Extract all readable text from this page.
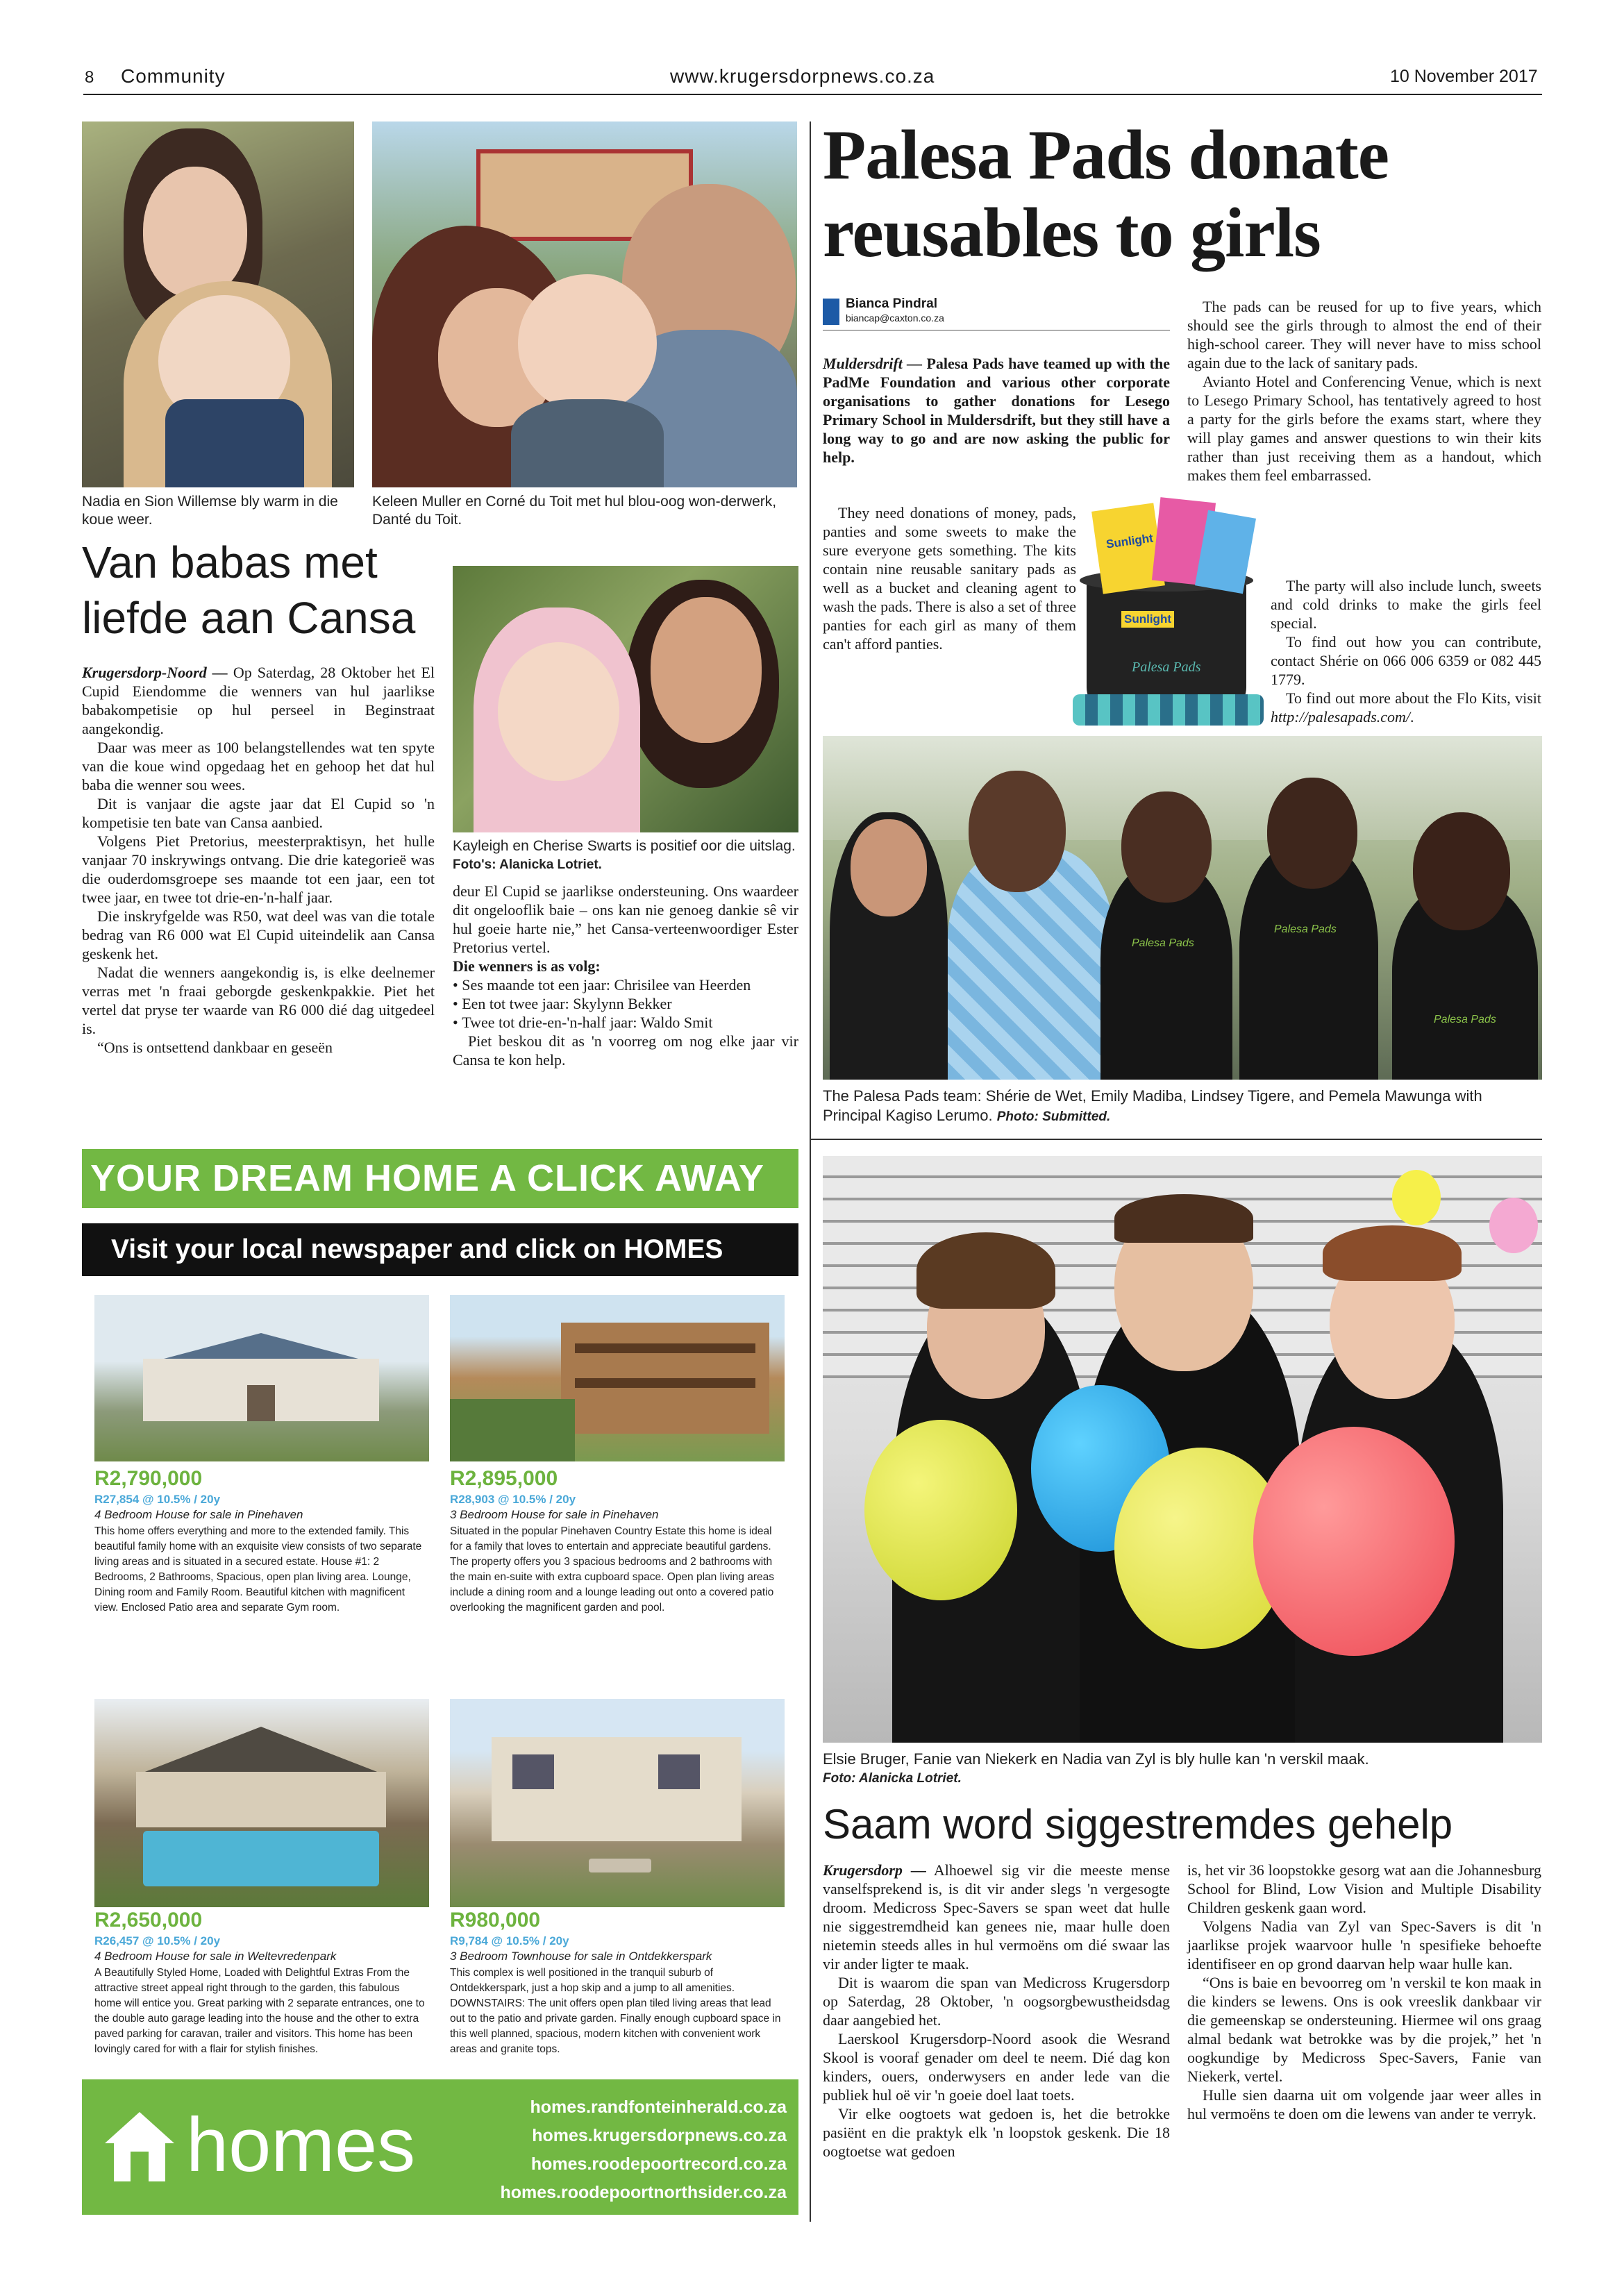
8 Community	www.krugersdorpnews.co.za	10 November 2017
Nadia en Sion Willemse bly warm in die koue weer.
Keleen Muller en Corné du Toit met hul blou-oog won-derwerk, Danté du Toit.
Van babas met liefde aan Cansa
Kayleigh en Cherise Swarts is positief oor die uitslag. Foto's: Alanicka Lotriet.

Krugersdorp-Noord — Op Saterdag, 28 Oktober het El Cupid Eiendomme die wenners van hul jaarlikse babakompetisie op hul perseel in Beginstraat aangekondig.

Daar was meer as 100 belangstellendes wat ten spyte van die koue wind opgedaag het en gehoop het dat hul baba die wenner sou wees.

Dit is vanjaar die agste jaar dat El Cupid so 'n kompetisie ten bate van Cansa aanbied.

Volgens Piet Pretorius, meesterpraktisyn, het hulle vanjaar 70 inskrywings ontvang. Die drie kategorieë was die ouderdomsgroepe ses maande tot een jaar, een tot twee jaar, en twee tot drie-en-'n-half jaar.

Die inskryfgelde was R50, wat deel was van die totale bedrag van R6 000 wat El Cupid uiteindelik aan Cansa geskenk het.

Nadat die wenners aangekondig is, is elke deelnemer verras met 'n fraai geborgde geskenkpakkie. Piet het vertel dat pryse ter waarde van R6 000 dié dag uitgedeel is.

“Ons is ontsettend dankbaar en geseën

deur El Cupid se jaarlikse ondersteuning. Ons waardeer dit ongelooflik baie – ons kan nie genoeg dankie sê vir hul goeie harte nie,” het Cansa-verteenwoordiger Ester Pretorius vertel.

Die wenners is as volg:

• Ses maande tot een jaar: Chrisilee van Heerden

• Een tot twee jaar: Skylynn Bekker

• Twee tot drie-en-'n-half jaar: Waldo Smit

Piet beskou dit as 'n voorreg om nog elke jaar vir Cansa te kon help.

Palesa Pads donate reusables to girls
Bianca Pindral
biancap@caxton.co.za

Muldersdrift — Palesa Pads have teamed up with the PadMe Foundation and various other corporate organisations to gather donations for Lesego Primary School in Muldersdrift, but they still have a long way to go and are now asking the public for help.

They need donations of money, pads, panties and some sweets to make the sure everyone gets something. The kits contain nine reusable sanitary pads as well as a bucket and cleaning agent to wash the pads. There is also a set of three panties for each girl as many of them can't afford panties.

Sunlight
Sunlight
Palesa Pads

The pads can be reused for up to five years, which should see the girls through to almost the end of their high-school career. They will never have to miss school again due to the lack of sanitary pads.

Avianto Hotel and Conferencing Venue, which is next to Lesego Primary School, has tentatively agreed to host a party for the girls before the exams start, where they will play games and answer questions to win their kits rather than just receiving them as a handout, which makes them feel embarrassed.

The party will also include lunch, sweets and cold drinks to make the girls feel special.

To find out how you can contribute, contact Shérie on 066 006 6359 or 082 445 1779.

To find out more about the Flo Kits, visit http://palesapads.com/.

Palesa Pads
Palesa Pads
Palesa Pads
The Palesa Pads team: Shérie de Wet, Emily Madiba, Lindsey Tigere, and Pemela Mawunga with Principal Kagiso Lerumo. Photo: Submitted.
YOUR DREAM HOME A CLICK AWAY
Visit your local newspaper and click on HOMES
R2,790,000
R27,854 @ 10.5% / 20y
4 Bedroom House for sale in Pinehaven
This home offers everything and more to the extended family. This beautiful family home with an exquisite view consists of two separate living areas and is situated in a secured estate. House #1: 2 Bedrooms, 2 Bathrooms, Spacious, open plan living area. Lounge, Dining room and Family Room. Beautiful kitchen with magnificent view. Enclosed Patio area and separate Gym room.
R2,895,000
R28,903 @ 10.5% / 20y
3 Bedroom House for sale in Pinehaven
Situated in the popular Pinehaven Country Estate this home is ideal for a family that loves to entertain and appreciate beautiful gardens. The property offers you 3 spacious bedrooms and 2 bathrooms with the main en-suite with extra cupboard space. Open plan living areas include a dining room and a lounge leading out onto a covered patio overlooking the magnificent garden and pool.
R2,650,000
R26,457 @ 10.5% / 20y
4 Bedroom House for sale in Weltevredenpark
A Beautifully Styled Home, Loaded with Delightful Extras From the attractive street appeal right through to the garden, this fabulous home will entice you. Great parking with 2 separate entrances, one to the double auto garage leading into the house and the other to extra paved parking for caravan, trailer and visitors. This home has been lovingly cared for with a flair for stylish finishes.
R980,000
R9,784 @ 10.5% / 20y
3 Bedroom Townhouse for sale in Ontdekkerspark
This complex is well positioned in the tranquil suburb of Ontdekkerspark, just a hop skip and a jump to all amenities. DOWNSTAIRS: The unit offers open plan tiled living areas that lead out to the patio and private garden. Finally enough cupboard space in this well planned, spacious, modern kitchen with convenient work areas and granite tops.
homes	homes.randfonteinherald.co.za
homes.krugersdorpnews.co.za
homes.roodepoortrecord.co.za
homes.roodepoortnorthsider.co.za
Elsie Bruger, Fanie van Niekerk en Nadia van Zyl is bly hulle kan 'n verskil maak.
Foto: Alanicka Lotriet.
Saam word siggestremdes gehelp

Krugersdorp — Alhoewel sig vir die meeste mense vanselfsprekend is, is dit vir ander slegs 'n vergesogte droom. Medicross Spec-Savers se span weet dat hulle nie siggestremdheid kan genees nie, maar hulle doen nietemin steeds alles in hul vermoëns om dié swaar las vir ander ligter te maak.

Dit is waarom die span van Medicross Krugersdorp op Saterdag, 28 Oktober, 'n oogsorgbewustheidsdag daar aangebied het.

Laerskool Krugersdorp-Noord asook die Wesrand Skool is vooraf genader om deel te neem. Dié dag kon kinders, ouers, onderwysers en ander lede van die publiek hul oë vir 'n goeie doel laat toets.

Vir elke oogtoets wat gedoen is, het die betrokke pasiënt en die praktyk elk 'n loopstok geskenk. Die 18 oogtoetse wat gedoen

is, het vir 36 loopstokke gesorg wat aan die Johannesburg School for Blind, Low Vision and Multiple Disability Children geskenk gaan word.

Volgens Nadia van Zyl van Spec-Savers is dit 'n jaarlikse projek waarvoor hulle 'n spesifieke behoefte identifiseer en op grond daarvan help waar hulle kan.

“Ons is baie en bevoorreg om 'n verskil te kon maak in die kinders se lewens. Ons is ook vreeslik dankbaar vir die gemeenskap se ondersteuning. Hiermee wil ons graag almal bedank wat betrokke was by die projek,” het 'n oogkundige by Medicross Spec-Savers, Fanie van Niekerk, vertel.

Hulle sien daarna uit om volgende jaar weer alles in hul vermoëns te doen om die lewens van ander te verryk.
